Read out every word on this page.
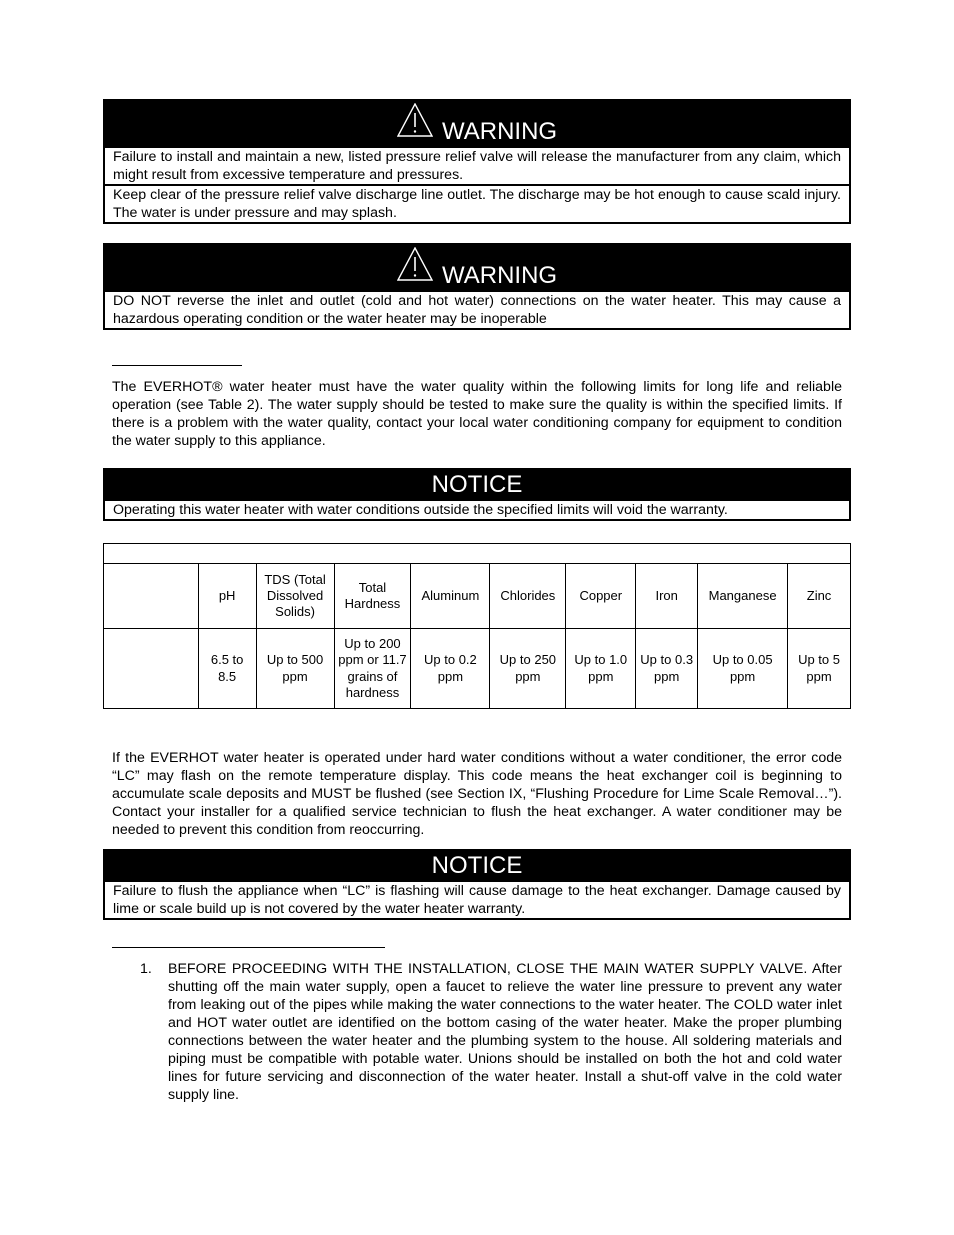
WARNING
Failure to install and maintain a new, listed pressure relief valve will release the manufacturer from any claim, which might result from excessive temperature and pressures.
Keep clear of the pressure relief valve discharge line outlet. The discharge may be hot enough to cause scald injury. The water is under pressure and may splash.
WARNING
DO NOT reverse the inlet and outlet (cold and hot water) connections on the water heater. This may cause a hazardous operating condition or the water heater may be inoperable

The EVERHOT® water heater must have the water quality within the following limits for long life and reliable operation (see Table 2). The water supply should be tested to make sure the quality is within the specified limits. If there is a problem with the water quality, contact your local water conditioning company for equipment to condition the water supply to this appliance.

NOTICE
Operating this water heater with water conditions outside the specified limits will void the warranty.

	pH	TDS (Total Dissolved Solids)	Total Hardness	Aluminum	Chlorides	Copper	Iron	Manganese	Zinc
	6.5 to 8.5	Up to 500 ppm	Up to 200 ppm or 11.7 grains of hardness	Up to 0.2 ppm	Up to 250 ppm	Up to 1.0 ppm	Up to 0.3 ppm	Up to 0.05 ppm	Up to 5 ppm

If the EVERHOT water heater is operated under hard water conditions without a water conditioner, the error code “LC” may flash on the remote temperature display. This code means the heat exchanger coil is beginning to accumulate scale deposits and MUST be flushed (see Section IX, “Flushing Procedure for Lime Scale Removal…”). Contact your installer for a qualified service technician to flush the heat exchanger. A water conditioner may be needed to prevent this condition from reoccurring.

NOTICE
Failure to flush the appliance when “LC” is flashing will cause damage to the heat exchanger. Damage caused by lime or scale build up is not covered by the water heater warranty.
1. BEFORE PROCEEDING WITH THE INSTALLATION, CLOSE THE MAIN WATER SUPPLY VALVE. After shutting off the main water supply, open a faucet to relieve the water line pressure to prevent any water from leaking out of the pipes while making the water connections to the water heater. The COLD water inlet and HOT water outlet are identified on the bottom casing of the water heater. Make the proper plumbing connections between the water heater and the plumbing system to the house. All soldering materials and piping must be compatible with potable water. Unions should be installed on both the hot and cold water lines for future servicing and disconnection of the water heater. Install a shut-off valve in the cold water supply line.
